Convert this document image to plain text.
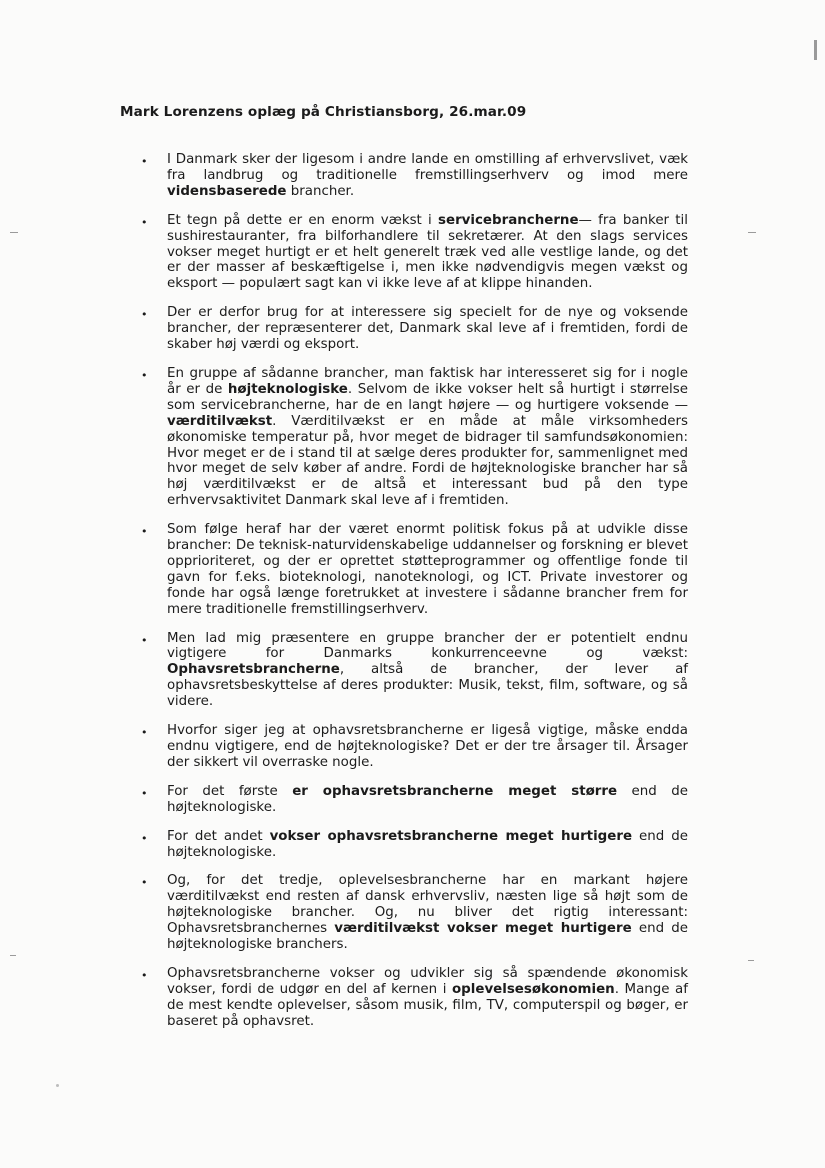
Mark Lorenzens oplæg på Christiansborg, 26.mar.09
• I Danmark sker der ligesom i andre lande en omstilling af erhvervslivet, væk fra landbrug og traditionelle fremstillingserhverv og imod mere vidensbaserede brancher.
• Et tegn på dette er en enorm vækst i servicebrancherne— fra banker til sushirestauranter, fra bilforhandlere til sekretærer. At den slags services vokser meget hurtigt er et helt generelt træk ved alle vestlige lande, og det er der masser af beskæftigelse i, men ikke nødvendigvis megen vækst og eksport — populært sagt kan vi ikke leve af at klippe hinanden.
• Der er derfor brug for at interessere sig specielt for de nye og voksende brancher, der repræsenterer det, Danmark skal leve af i fremtiden, fordi de skaber høj værdi og eksport.
• En gruppe af sådanne brancher, man faktisk har interesseret sig for i nogle år er de højteknologiske. Selvom de ikke vokser helt så hurtigt i størrelse som servicebrancherne, har de en langt højere — og hurtigere voksende — værditilvækst. Værditilvækst er en måde at måle virksomheders økonomiske temperatur på, hvor meget de bidrager til samfundsøkonomien: Hvor meget er de i stand til at sælge deres produkter for, sammenlignet med hvor meget de selv køber af andre. Fordi de højteknologiske brancher har så høj værditilvækst er de altså et interessant bud på den type erhvervsaktivitet Danmark skal leve af i fremtiden.
• Som følge heraf har der været enormt politisk fokus på at udvikle disse brancher: De teknisk-naturvidenskabelige uddannelser og forskning er blevet opprioriteret, og der er oprettet støtteprogrammer og offentlige fonde til gavn for f.eks. bioteknologi, nanoteknologi, og ICT. Private investorer og fonde har også længe foretrukket at investere i sådanne brancher frem for mere traditionelle fremstillingserhverv.
• Men lad mig præsentere en gruppe brancher der er potentielt endnu vigtigere for Danmarks konkurrenceevne og vækst: Ophavsretsbrancherne, altså de brancher, der lever af ophavsretsbeskyttelse af deres produkter: Musik, tekst, film, software, og så videre.
• Hvorfor siger jeg at ophavsretsbrancherne er ligeså vigtige, måske endda endnu vigtigere, end de højteknologiske? Det er der tre årsager til. Årsager der sikkert vil overraske nogle.
• For det første er ophavsretsbrancherne meget større end de højteknologiske.
• For det andet vokser ophavsretsbrancherne meget hurtigere end de højteknologiske.
• Og, for det tredje, oplevelsesbrancherne har en markant højere værditilvækst end resten af dansk erhvervsliv, næsten lige så højt som de højteknologiske brancher. Og, nu bliver det rigtig interessant: Ophavsretsbranchernes værditilvækst vokser meget hurtigere end de højteknologiske branchers.
• Ophavsretsbrancherne vokser og udvikler sig så spændende økonomisk vokser, fordi de udgør en del af kernen i oplevelsesøkonomien. Mange af de mest kendte oplevelser, såsom musik, film, TV, computerspil og bøger, er baseret på ophavsret.
